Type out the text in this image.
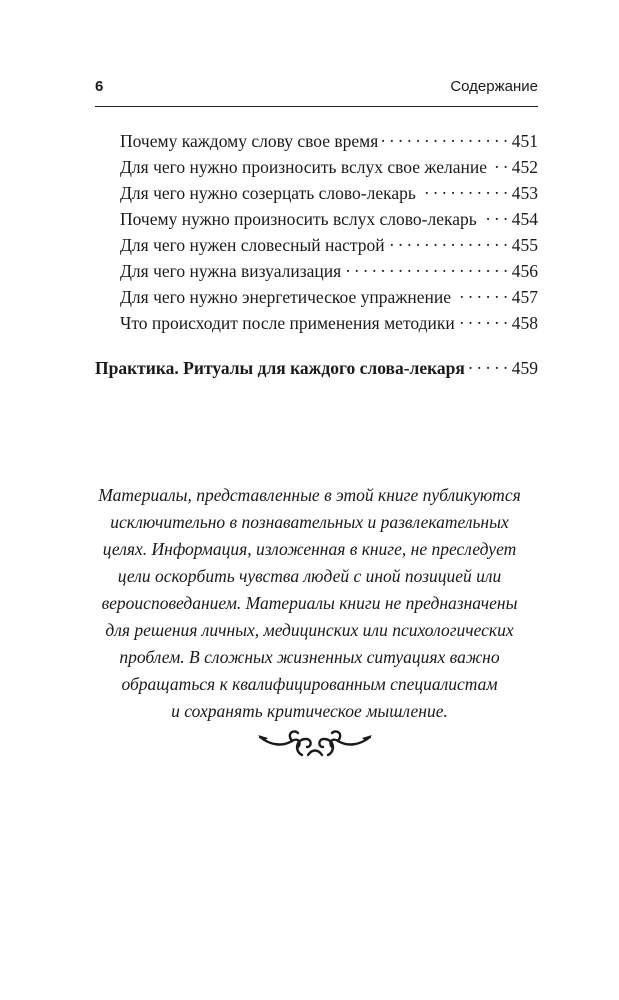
6	Содержание
Почему каждому слову свое время . . .	451
Для чего нужно произносить вслух свое желание . . . 452
Для чего нужно созерцать слово-лекарь . . .	453
Почему нужно произносить вслух слово-лекарь . . . 454
Для чего нужен словесный настрой . . .	455
Для чего нужна визуализация . . .	456
Для чего нужно энергетическое упражнение . . .	457
Что происходит после применения методики . . .	458
Практика. Ритуалы для каждого слова-лекаря . . .	459
Материалы, представленные в этой книге публикуются
исключительно в познавательных и развлекательных
целях. Информация, изложенная в книге, не преследует
цели оскорбить чувства людей с иной позицией или
вероисповеданием. Материалы книги не предназначены
для решения личных, медицинских или психологических
проблем. В сложных жизненных ситуациях важно
обращаться к квалифицированным специалистам
и сохранять критическое мышление.
